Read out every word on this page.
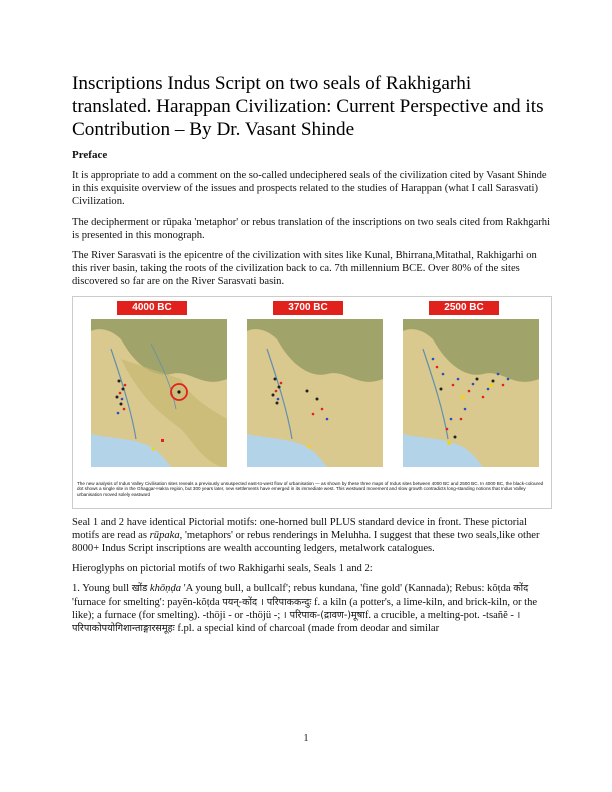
Inscriptions Indus Script on two seals of Rakhigarhi translated. Harappan Civilization: Current Perspective and its Contribution – By Dr. Vasant Shinde
Preface

It is appropriate to add a comment on the so-called undeciphered seals of the civilization cited by Vasant Shinde in this exquisite overview of the issues and prospects related to the studies of Harappan (what I call Sarasvati) Civilization.

The decipherment or rūpaka 'metaphor' or rebus translation of the inscriptions on two seals cited from Rakhgarhi is presented in this monograph.

The River Sarasvati is the epicentre of the civilization with sites like Kunal, Bhirrana,Mitathal, Rakhigarhi on this river basin, taking the roots of the civilization back to ca. 7th millennium BCE. Over 80% of the sites discovered so far are on the River Sarasvati basin.

4000 BC	3700 BC	2500 BC
The new analysis of Indus Valley Civilisation sites reveals a previously unsuspected east-to-west flow of urbanisation — as shown by these three maps of Indus sites between 4000 BC and 2500 BC. In 4000 BC, the black-coloured dot shows a single site in the Ghaggar-Hakra region, but 300 years later, new settlements have emerged in its immediate west. This westward movement and slow growth contradicts long-standing notions that Indus Valley urbanisation moved solely eastward

Seal 1 and 2 have identical Pictorial motifs: one-horned bull PLUS standard device in front. These pictorial motifs are read as rūpaka, 'metaphors' or rebus renderings in Meluhha. I suggest that these two seals,like other 8000+ Indus Script inscriptions are wealth accounting ledgers, metalwork catalogues.

Hieroglyphs on pictorial motifs of two Rakhigarhi seals, Seals 1 and 2:

1. Young bull खोंड khōṇḍa 'A young bull, a bullcalf'; rebus kundana, 'fine gold' (Kannada); Rebus: kŏṭda कोंद 'furnace for smelting': payẽn-kŏṭda पयन्-कोंद । परिपाककन्दुः f. a kiln (a potter's, a lime-kiln, and brick-kiln, or the like); a furnace (for smelting). -thöji - or -thöjü -; । परिपाक-(द्रावण-)मूषाf. a crucible, a melting-pot. -tsañĕ - । परिपाकोपयोगिशान्ताङ्गारसमूहः f.pl. a special kind of charcoal (made from deodar and similar

1
